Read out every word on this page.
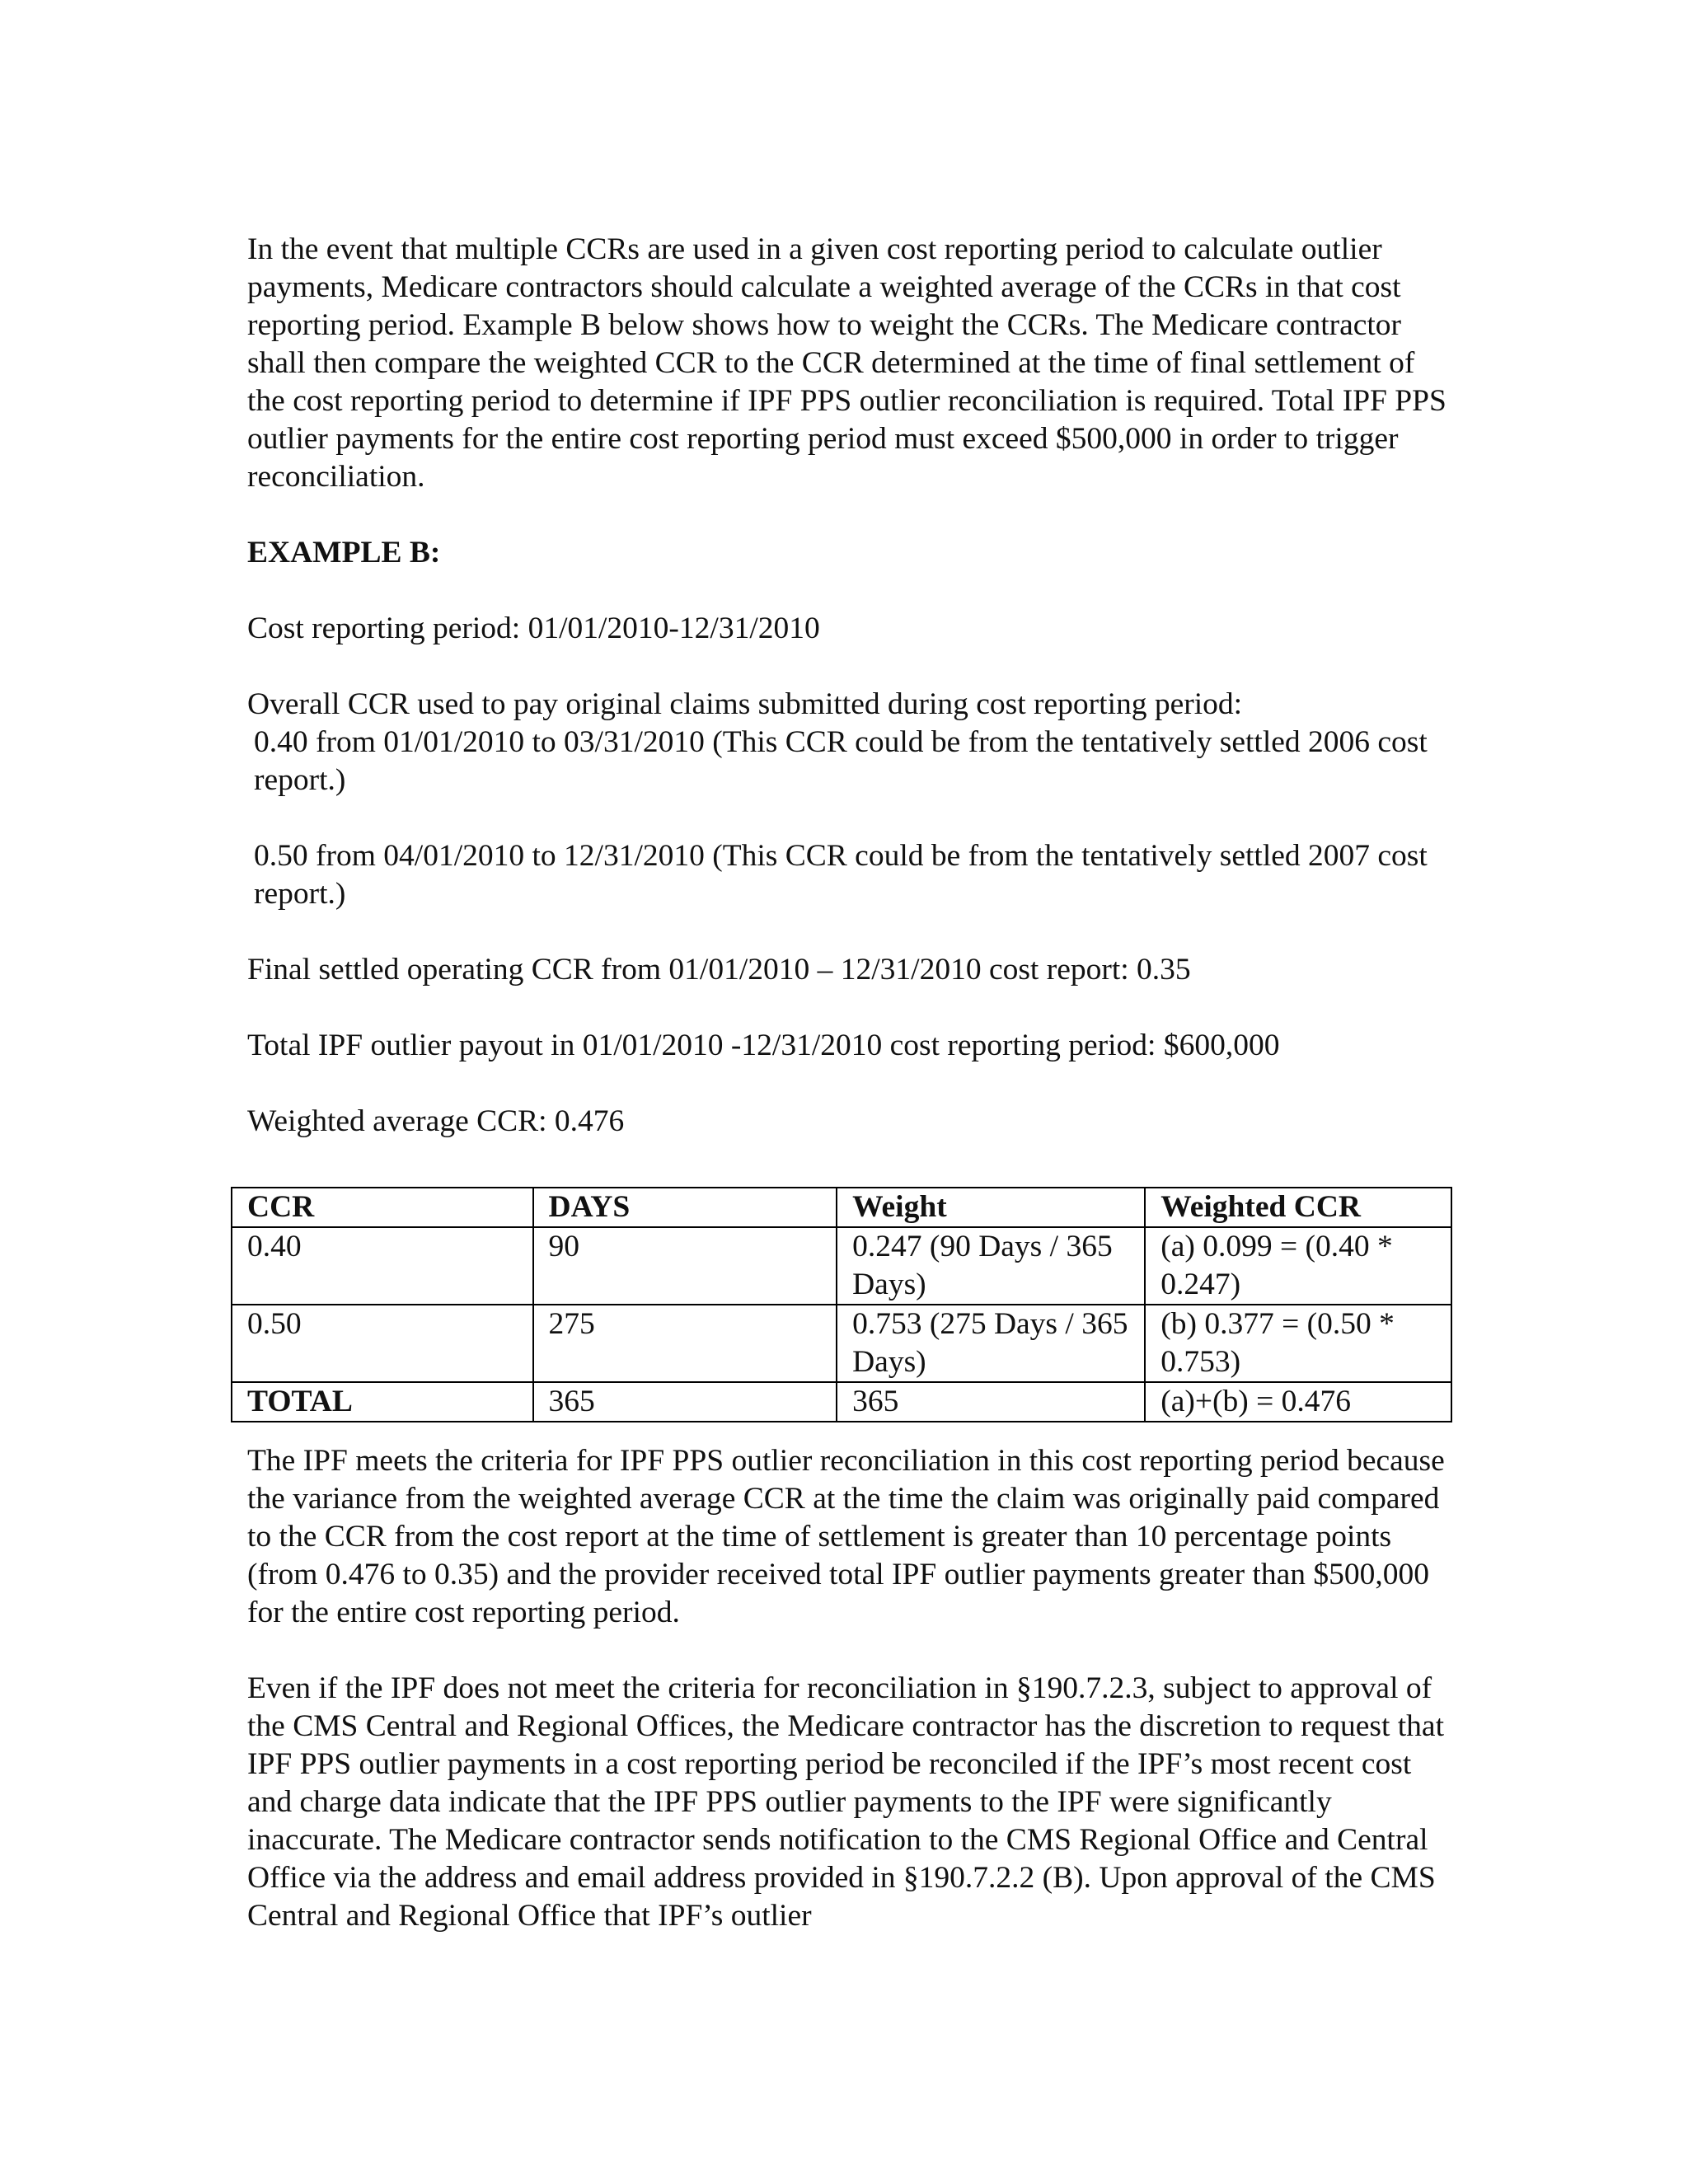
In the event that multiple CCRs are used in a given cost reporting period to calculate outlier payments, Medicare contractors should calculate a weighted average of the CCRs in that cost reporting period. Example B below shows how to weight the CCRs. The Medicare contractor shall then compare the weighted CCR to the CCR determined at the time of final settlement of the cost reporting period to determine if IPF PPS outlier reconciliation is required. Total IPF PPS outlier payments for the entire cost reporting period must exceed $500,000 in order to trigger reconciliation.

EXAMPLE B:

Cost reporting period: 01/01/2010-12/31/2010

Overall CCR used to pay original claims submitted during cost reporting period:

0.40 from 01/01/2010 to 03/31/2010 (This CCR could be from the tentatively settled 2006 cost report.)

0.50 from 04/01/2010 to 12/31/2010 (This CCR could be from the tentatively settled 2007 cost report.)

Final settled operating CCR from 01/01/2010 – 12/31/2010 cost report: 0.35

Total IPF outlier payout in 01/01/2010 -12/31/2010 cost reporting period: $600,000

Weighted average CCR: 0.476

CCR	DAYS	Weight	Weighted CCR
0.40	90	0.247 (90 Days / 365 Days)	(a) 0.099 = (0.40 * 0.247)
0.50	275	0.753 (275 Days / 365 Days)	(b) 0.377 = (0.50 * 0.753)
TOTAL	365	365	(a)+(b) = 0.476

The IPF meets the criteria for IPF PPS outlier reconciliation in this cost reporting period because the variance from the weighted average CCR at the time the claim was originally paid compared to the CCR from the cost report at the time of settlement is greater than 10 percentage points (from 0.476 to 0.35) and the provider received total IPF outlier payments greater than $500,000 for the entire cost reporting period.

Even if the IPF does not meet the criteria for reconciliation in §190.7.2.3, subject to approval of the CMS Central and Regional Offices, the Medicare contractor has the discretion to request that IPF PPS outlier payments in a cost reporting period be reconciled if the IPF’s most recent cost and charge data indicate that the IPF PPS outlier payments to the IPF were significantly inaccurate. The Medicare contractor sends notification to the CMS Regional Office and Central Office via the address and email address provided in §190.7.2.2 (B). Upon approval of the CMS Central and Regional Office that IPF’s outlier
